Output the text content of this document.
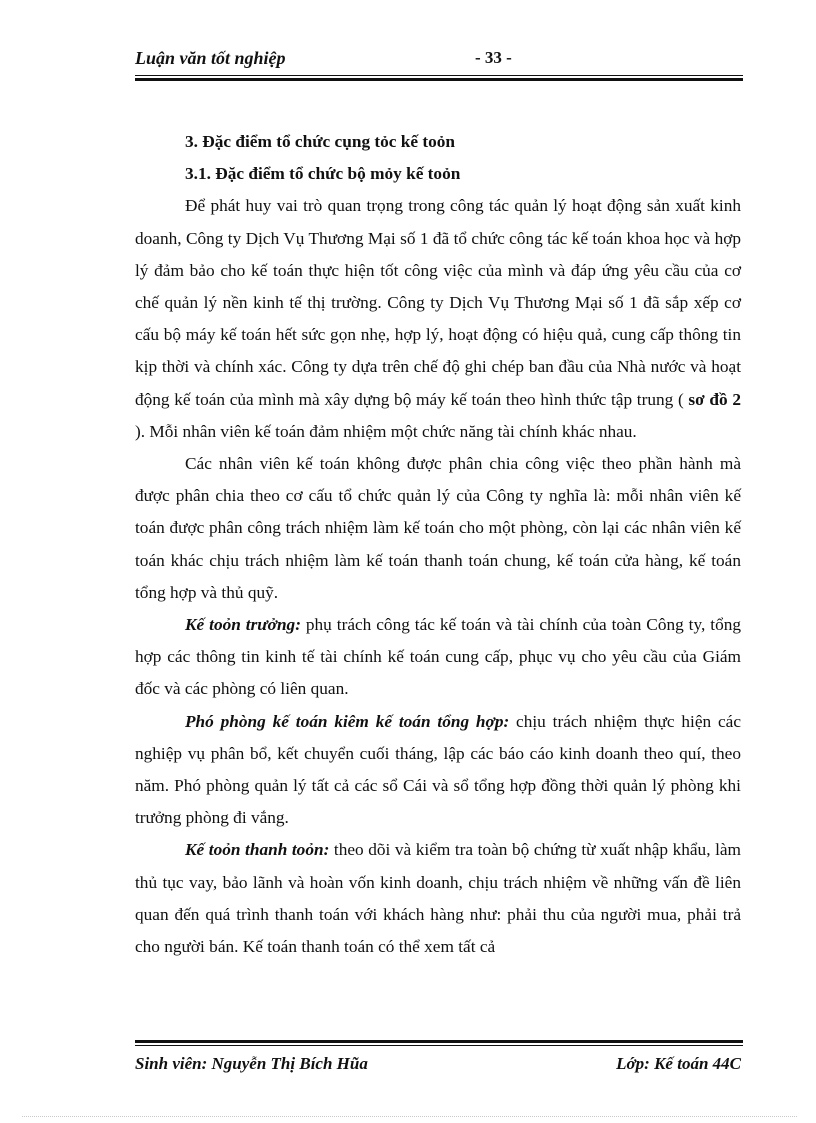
Luận văn tốt nghiệp	- 33 -

3. Đặc điểm tổ chức cụng tỏc kế toỏn

3.1. Đặc điểm tổ chức bộ mỏy kế toỏn

Để phát huy vai trò quan trọng trong công tác quản lý hoạt động sản xuất kinh doanh, Công ty Dịch Vụ Thương Mại số 1 đã tổ chức công tác kế toán khoa học và hợp lý đảm bảo cho kế toán thực hiện tốt công việc của mình và đáp ứng yêu cầu của cơ chế quản lý nền kinh tế thị trường. Công ty Dịch Vụ Thương Mại số 1 đã sắp xếp cơ cấu bộ máy kế toán hết sức gọn nhẹ, hợp lý, hoạt động có hiệu quả, cung cấp thông tin kịp thời và chính xác. Công ty dựa trên chế độ ghi chép ban đầu của Nhà nước và hoạt động kế toán của mình mà xây dựng bộ máy kế toán theo hình thức tập trung ( sơ đồ 2 ). Mỗi nhân viên kế toán đảm nhiệm một chức năng tài chính khác nhau.

Các nhân viên kế toán không được phân chia công việc theo phần hành mà được phân chia theo cơ cấu tổ chức quản lý của Công ty nghĩa là: mỗi nhân viên kế toán được phân công trách nhiệm làm kế toán cho một phòng, còn lại các nhân viên kế toán khác chịu trách nhiệm làm kế toán thanh toán chung, kế toán cửa hàng, kế toán tổng hợp và thủ quỹ.

Kế toỏn trưởng: phụ trách công tác kế toán và tài chính của toàn Công ty, tổng hợp các thông tin kinh tế tài chính kế toán cung cấp, phục vụ cho yêu cầu của Giám đốc và các phòng có liên quan.

Phó phòng kế toán kiêm kế toán tổng hợp: chịu trách nhiệm thực hiện các nghiệp vụ phân bổ, kết chuyển cuối tháng, lập các báo cáo kinh doanh theo quí, theo năm. Phó phòng quản lý tất cả các sổ Cái và sổ tổng hợp đồng thời quản lý phòng khi trưởng phòng đi vắng.

Kế toỏn thanh toỏn: theo dõi và kiểm tra toàn bộ chứng từ xuất nhập khẩu, làm thủ tục vay, bảo lãnh và hoàn vốn kinh doanh, chịu trách nhiệm về những vấn đề liên quan đến quá trình thanh toán với khách hàng như: phải thu của người mua, phải trả cho người bán. Kế toán thanh toán có thể xem tất cả

Sinh viên: Nguyễn Thị Bích Hũa	Lớp: Kế toán 44C
